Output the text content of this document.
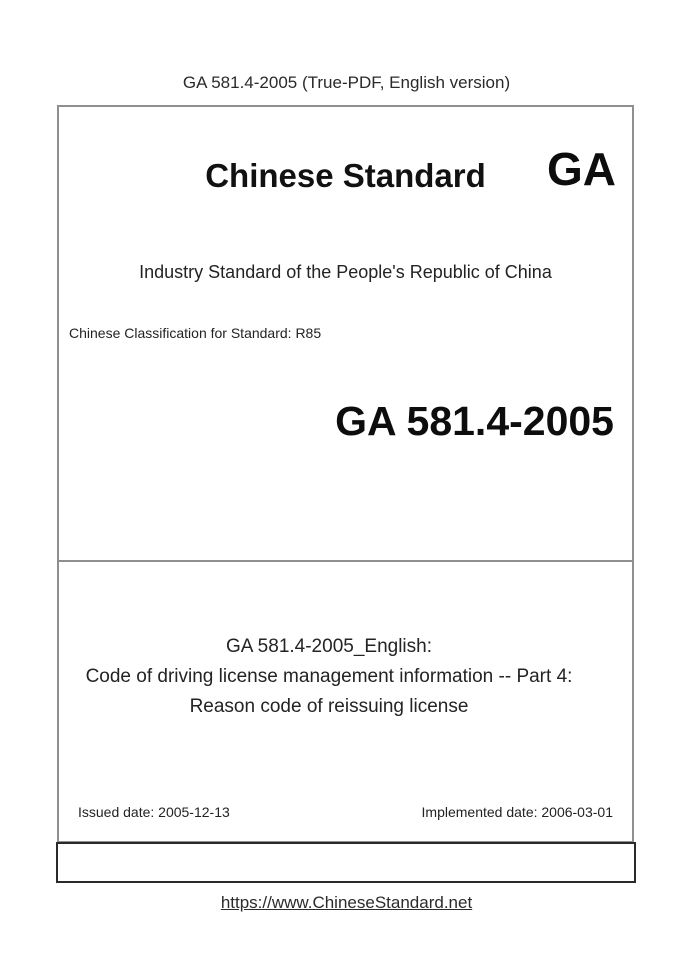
GA 581.4-2005 (True-PDF, English version)
Chinese Standard	GA
Industry Standard of the People's Republic of China
Chinese Classification for Standard: R85
GA 581.4-2005
GA 581.4-2005_English:
Code of driving license management information -- Part 4:
Reason code of reissuing license
Issued date: 2005-12-13	Implemented date: 2006-03-01
https://www.ChineseStandard.net
